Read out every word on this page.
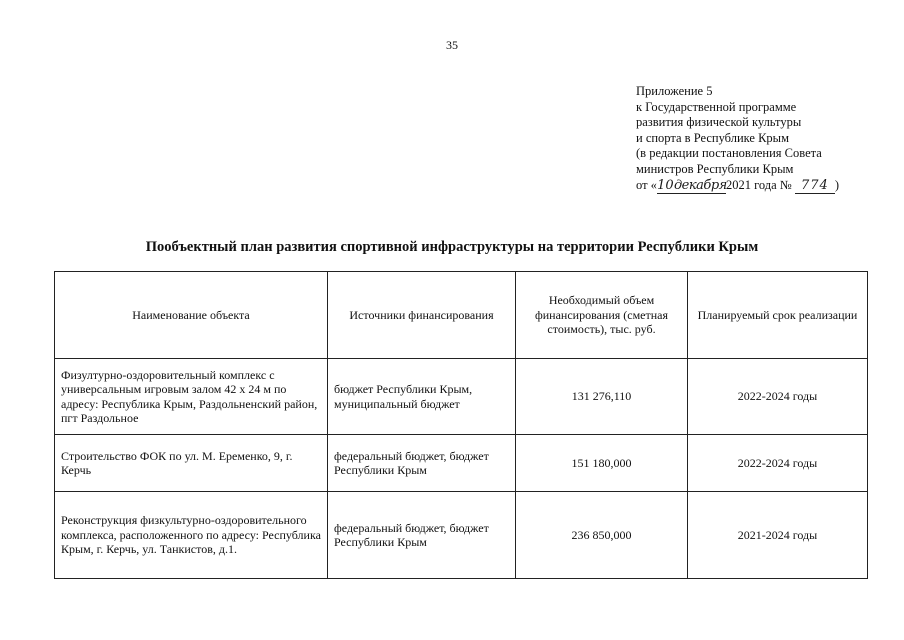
35
Приложение 5
к Государственной программе
развития физической культуры
и спорта в Республике Крым
(в редакции постановления Совета
министров Республики Крым
от «10декабря2021 года № 774 )
Пообъектный план развития спортивной инфраструктуры на территории Республики Крым
Наименование объекта	Источники финансирования	Необходимый объем финансирования (сметная стоимость), тыс. руб.	Планируемый срок реализации
Физултурно-оздоровительный комплекс с универсальным игровым залом 42 х 24 м по адресу: Республика Крым, Раздольненский район, пгт Раздольное	бюджет Республики Крым, муниципальный бюджет	131 276,110	2022-2024 годы
Строительство ФОК по ул. М. Еременко, 9, г. Керчь	федеральный бюджет, бюджет Республики Крым	151 180,000	2022-2024 годы
Реконструкция физкультурно-оздоровительного комплекса, расположенного по адресу: Республика Крым, г. Керчь, ул. Танкистов, д.1.	федеральный бюджет, бюджет Республики Крым	236 850,000	2021-2024 годы
